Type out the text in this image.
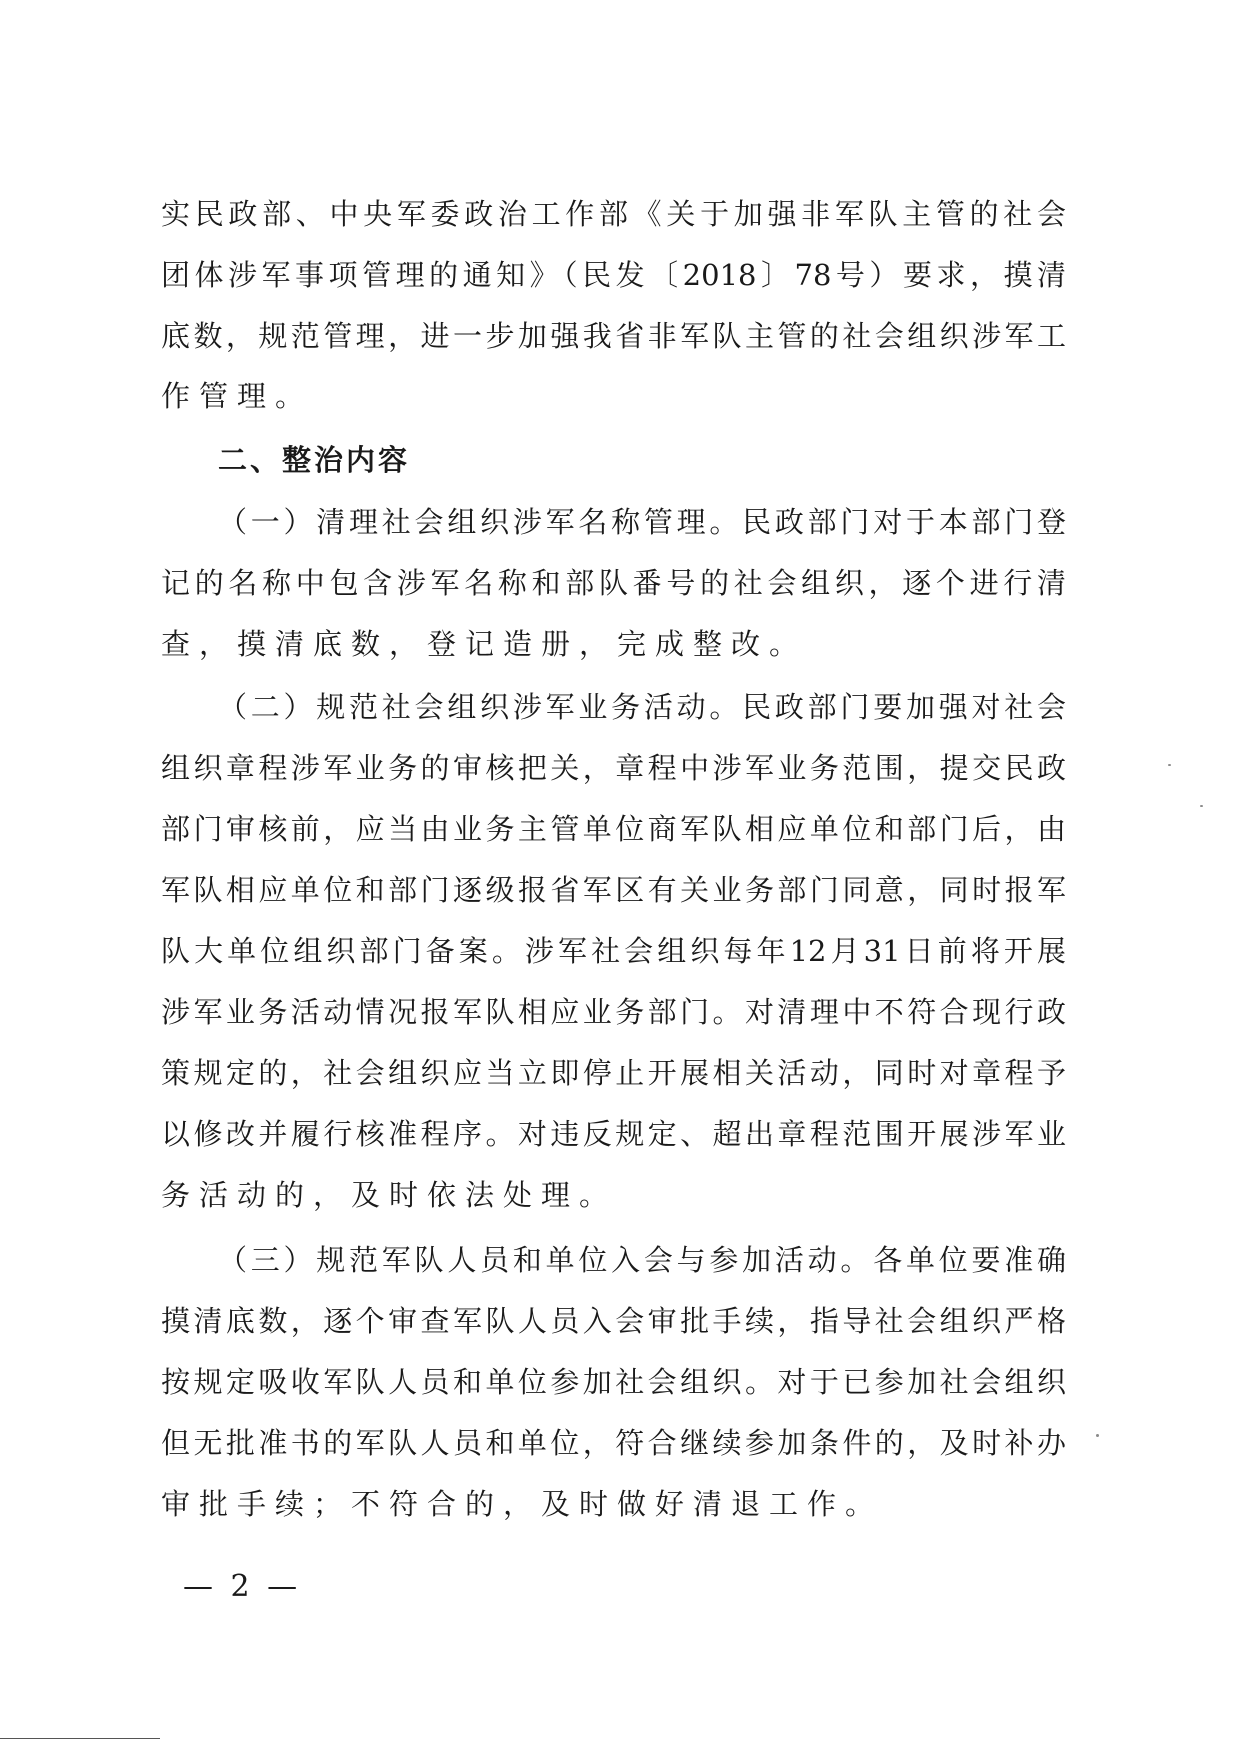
实民政部、中央军委政治工作部《关于加强非军队主管的社会
团体涉军事项管理的通知》（民发〔2018〕78号）要求，摸清
底数，规范管理，进一步加强我省非军队主管的社会组织涉军工
作管理。
二、整治内容
（一）清理社会组织涉军名称管理。民政部门对于本部门登
记的名称中包含涉军名称和部队番号的社会组织，逐个进行清
查，摸清底数，登记造册，完成整改。
（二）规范社会组织涉军业务活动。民政部门要加强对社会
组织章程涉军业务的审核把关，章程中涉军业务范围，提交民政
部门审核前，应当由业务主管单位商军队相应单位和部门后，由
军队相应单位和部门逐级报省军区有关业务部门同意，同时报军
队大单位组织部门备案。涉军社会组织每年12月31日前将开展
涉军业务活动情况报军队相应业务部门。对清理中不符合现行政
策规定的，社会组织应当立即停止开展相关活动，同时对章程予
以修改并履行核准程序。对违反规定、超出章程范围开展涉军业
务活动的，及时依法处理。
（三）规范军队人员和单位入会与参加活动。各单位要准确
摸清底数，逐个审查军队人员入会审批手续，指导社会组织严格
按规定吸收军队人员和单位参加社会组织。对于已参加社会组织
但无批准书的军队人员和单位，符合继续参加条件的，及时补办
审批手续；不符合的，及时做好清退工作。
— 2 —
